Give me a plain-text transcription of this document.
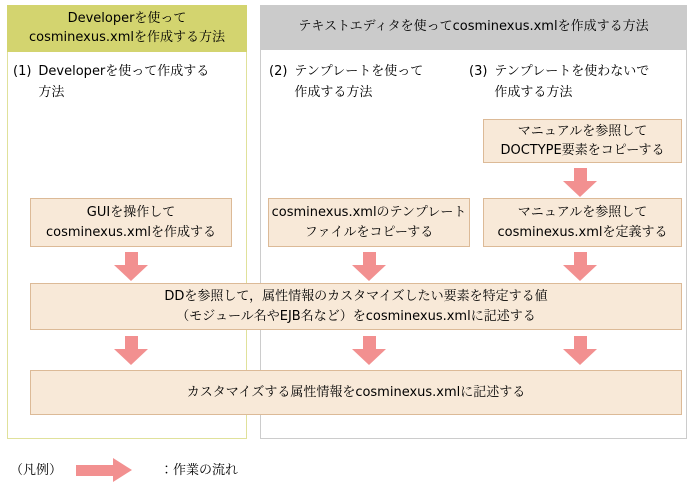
Developerを使って
cosminexus.xmlを作成する方法
テキストエディタを使ってcosminexus.xmlを作成する方法
(1) Developerを使って作成する
方法
(2) テンプレートを使って
作成する方法
(3) テンプレートを使わないで
作成する方法
マニュアルを参照して
DOCTYPE要素をコピーする
GUIを操作して
cosminexus.xmlを作成する
cosminexus.xmlのテンプレート
ファイルをコピーする
マニュアルを参照して
cosminexus.xmlを定義する
DDを参照して，属性情報のカスタマイズしたい要素を特定する値
（モジュール名やEJB名など）をcosminexus.xmlに記述する
カスタマイズする属性情報をcosminexus.xmlに記述する
（凡例）	：作業の流れ
